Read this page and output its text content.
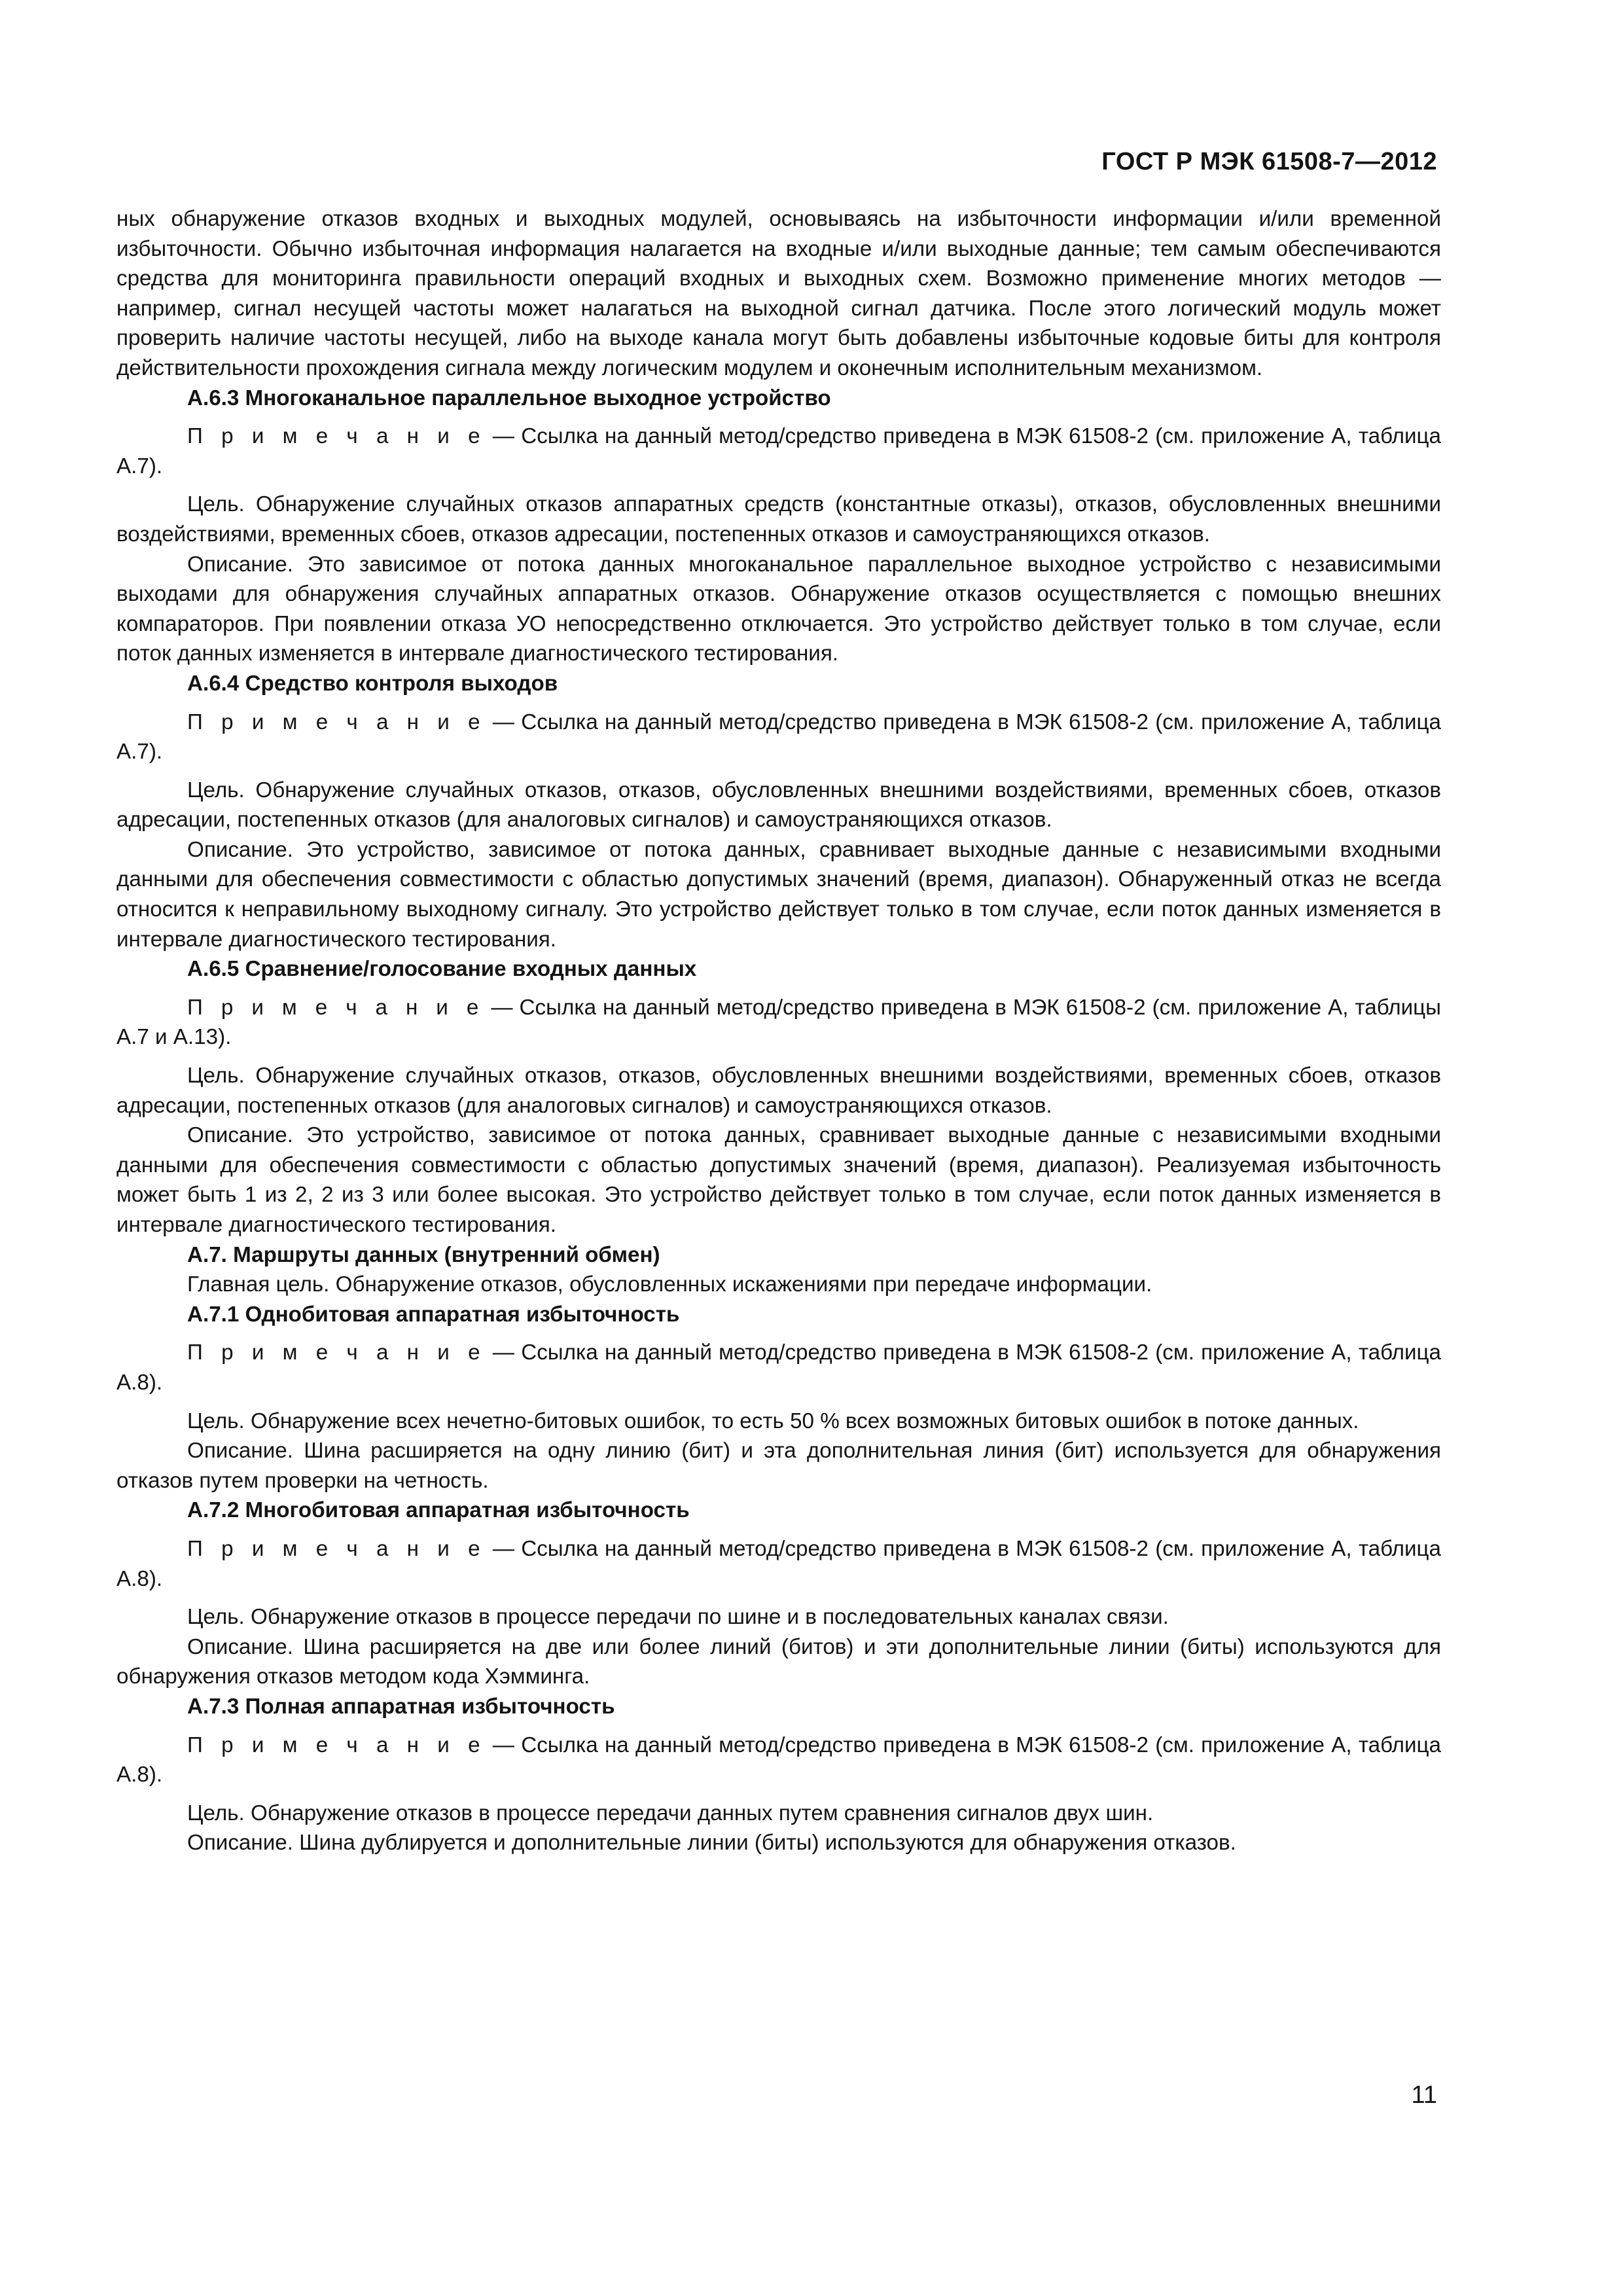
ГОСТ Р МЭК 61508-7—2012

ных обнаружение отказов входных и выходных модулей, основываясь на избыточности информации и/или временной избыточности. Обычно избыточная информация налагается на входные и/или выходные данные; тем самым обеспечиваются средства для мониторинга правильности операций входных и выходных схем. Возможно применение многих методов — например, сигнал несущей частоты может налагаться на выходной сигнал датчика. После этого логический модуль может проверить наличие частоты несущей, либо на выходе канала могут быть добавлены избыточные кодовые биты для контроля действительности прохождения сигнала между логическим модулем и оконечным исполнительным механизмом.

А.6.3 Многоканальное параллельное выходное устройство

П р и м е ч а н и е — Ссылка на данный метод/средство приведена в МЭК 61508-2 (см. приложение А, таблица А.7).

Цель. Обнаружение случайных отказов аппаратных средств (константные отказы), отказов, обусловленных внешними воздействиями, временных сбоев, отказов адресации, постепенных отказов и самоустраняющихся отказов.

Описание. Это зависимое от потока данных многоканальное параллельное выходное устройство с независимыми выходами для обнаружения случайных аппаратных отказов. Обнаружение отказов осуществляется с помощью внешних компараторов. При появлении отказа УО непосредственно отключается. Это устройство действует только в том случае, если поток данных изменяется в интервале диагностического тестирования.

А.6.4 Средство контроля выходов

П р и м е ч а н и е — Ссылка на данный метод/средство приведена в МЭК 61508-2 (см. приложение А, таблица А.7).

Цель. Обнаружение случайных отказов, отказов, обусловленных внешними воздействиями, временных сбоев, отказов адресации, постепенных отказов (для аналоговых сигналов) и самоустраняющихся отказов.

Описание. Это устройство, зависимое от потока данных, сравнивает выходные данные с независимыми входными данными для обеспечения совместимости с областью допустимых значений (время, диапазон). Обнаруженный отказ не всегда относится к неправильному выходному сигналу. Это устройство действует только в том случае, если поток данных изменяется в интервале диагностического тестирования.

А.6.5 Сравнение/голосование входных данных

П р и м е ч а н и е — Ссылка на данный метод/средство приведена в МЭК 61508-2 (см. приложение А, таблицы А.7 и А.13).

Цель. Обнаружение случайных отказов, отказов, обусловленных внешними воздействиями, временных сбоев, отказов адресации, постепенных отказов (для аналоговых сигналов) и самоустраняющихся отказов.

Описание. Это устройство, зависимое от потока данных, сравнивает выходные данные с независимыми входными данными для обеспечения совместимости с областью допустимых значений (время, диапазон). Реализуемая избыточность может быть 1 из 2, 2 из 3 или более высокая. Это устройство действует только в том случае, если поток данных изменяется в интервале диагностического тестирования.

А.7. Маршруты данных (внутренний обмен)

Главная цель. Обнаружение отказов, обусловленных искажениями при передаче информации.

А.7.1 Однобитовая аппаратная избыточность

П р и м е ч а н и е — Ссылка на данный метод/средство приведена в МЭК 61508-2 (см. приложение А, таблица А.8).

Цель. Обнаружение всех нечетно-битовых ошибок, то есть 50 % всех возможных битовых ошибок в потоке данных.

Описание. Шина расширяется на одну линию (бит) и эта дополнительная линия (бит) используется для обнаружения отказов путем проверки на четность.

А.7.2 Многобитовая аппаратная избыточность

П р и м е ч а н и е — Ссылка на данный метод/средство приведена в МЭК 61508-2 (см. приложение А, таблица А.8).

Цель. Обнаружение отказов в процессе передачи по шине и в последовательных каналах связи.

Описание. Шина расширяется на две или более линий (битов) и эти дополнительные линии (биты) используются для обнаружения отказов методом кода Хэмминга.

А.7.3 Полная аппаратная избыточность

П р и м е ч а н и е — Ссылка на данный метод/средство приведена в МЭК 61508-2 (см. приложение А, таблица А.8).

Цель. Обнаружение отказов в процессе передачи данных путем сравнения сигналов двух шин.

Описание. Шина дублируется и дополнительные линии (биты) используются для обнаружения отказов.

11
